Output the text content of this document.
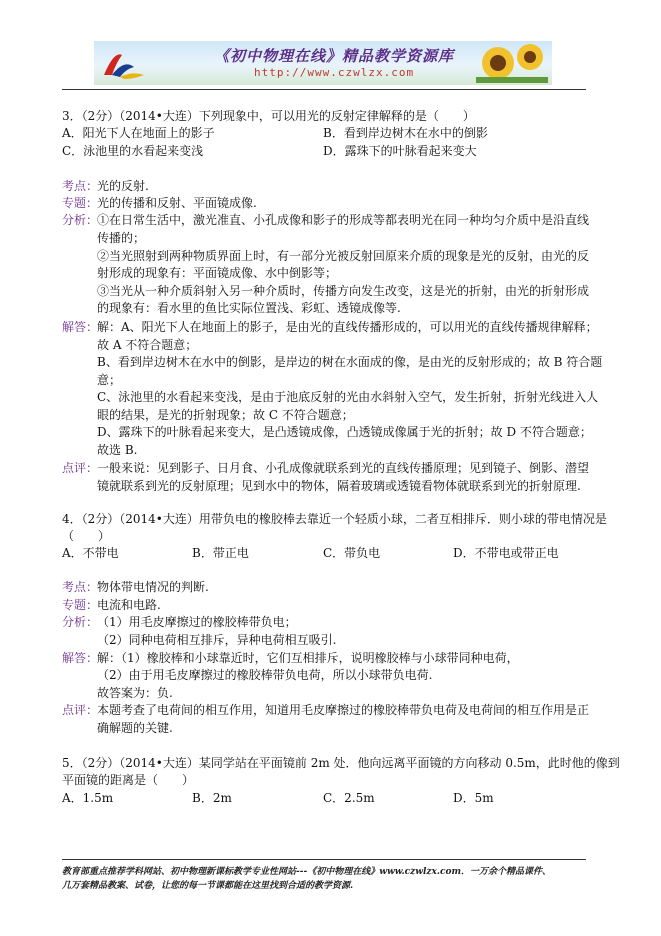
《初中物理在线》精品教学资源库
http://www.czwlzx.com
3．（2分）（2014•大连）下列现象中，可以用光的反射定律解释的是（　　）
A．阳光下人在地面上的影子	B．看到岸边树木在水中的倒影
C．泳池里的水看起来变浅	D．露珠下的叶脉看起来变大
考点：
光的反射.
专题：
光的传播和反射、平面镜成像.
分析：
①在日常生活中，激光准直、小孔成像和影子的形成等都表明光在同一种均匀介质中是沿直线
传播的；
②当光照射到两种物质界面上时，有一部分光被反射回原来介质的现象是光的反射，由光的反
射形成的现象有：平面镜成像、水中倒影等；
③当光从一种介质斜射入另一种介质时，传播方向发生改变，这是光的折射，由光的折射形成
的现象有：看水里的鱼比实际位置浅、彩虹、透镜成像等.
解答：
解：A、阳光下人在地面上的影子，是由光的直线传播形成的，可以用光的直线传播规律解释；
故 A 不符合题意；
B、看到岸边树木在水中的倒影，是岸边的树在水面成的像，是由光的反射形成的；故 B 符合题
意；
C、泳池里的水看起来变浅，是由于池底反射的光由水斜射入空气，发生折射，折射光线进入人
眼的结果，是光的折射现象；故 C 不符合题意；
D、露珠下的叶脉看起来变大，是凸透镜成像，凸透镜成像属于光的折射；故 D 不符合题意；
故选 B.
点评：
一般来说：见到影子、日月食、小孔成像就联系到光的直线传播原理；见到镜子、倒影、潜望
镜就联系到光的反射原理；见到水中的物体，隔着玻璃或透镜看物体就联系到光的折射原理.
4．（2分）（2014•大连）用带负电的橡胶棒去靠近一个轻质小球，二者互相排斥．则小球的带电情况是
（　　）
A．不带电	B．带正电	C．带负电	D．不带电或带正电
考点：
物体带电情况的判断.
专题：
电流和电路.
分析：
（1）用毛皮摩擦过的橡胶棒带负电；
（2）同种电荷相互排斥，异种电荷相互吸引.
解答：
解：（1）橡胶棒和小球靠近时，它们互相排斥，说明橡胶棒与小球带同种电荷，
（2）由于用毛皮摩擦过的橡胶棒带负电荷，所以小球带负电荷.
故答案为：负.
点评：
本题考查了电荷间的相互作用，知道用毛皮摩擦过的橡胶棒带负电荷及电荷间的相互作用是正
确解题的关键.
5．（2分）（2014•大连）某同学站在平面镜前 2m 处．他向远离平面镜的方向移动 0.5m，此时他的像到
平面镜的距离是（　　）
A．1.5m	B．2m	C．2.5m	D．5m
教育部重点推荐学科网站、初中物理新课标教学专业性网站---《初中物理在线》www.czwlzx.com．一万余个精品课件、
几万套精品教案、试卷，让您的每一节课都能在这里找到合适的教学资源.
